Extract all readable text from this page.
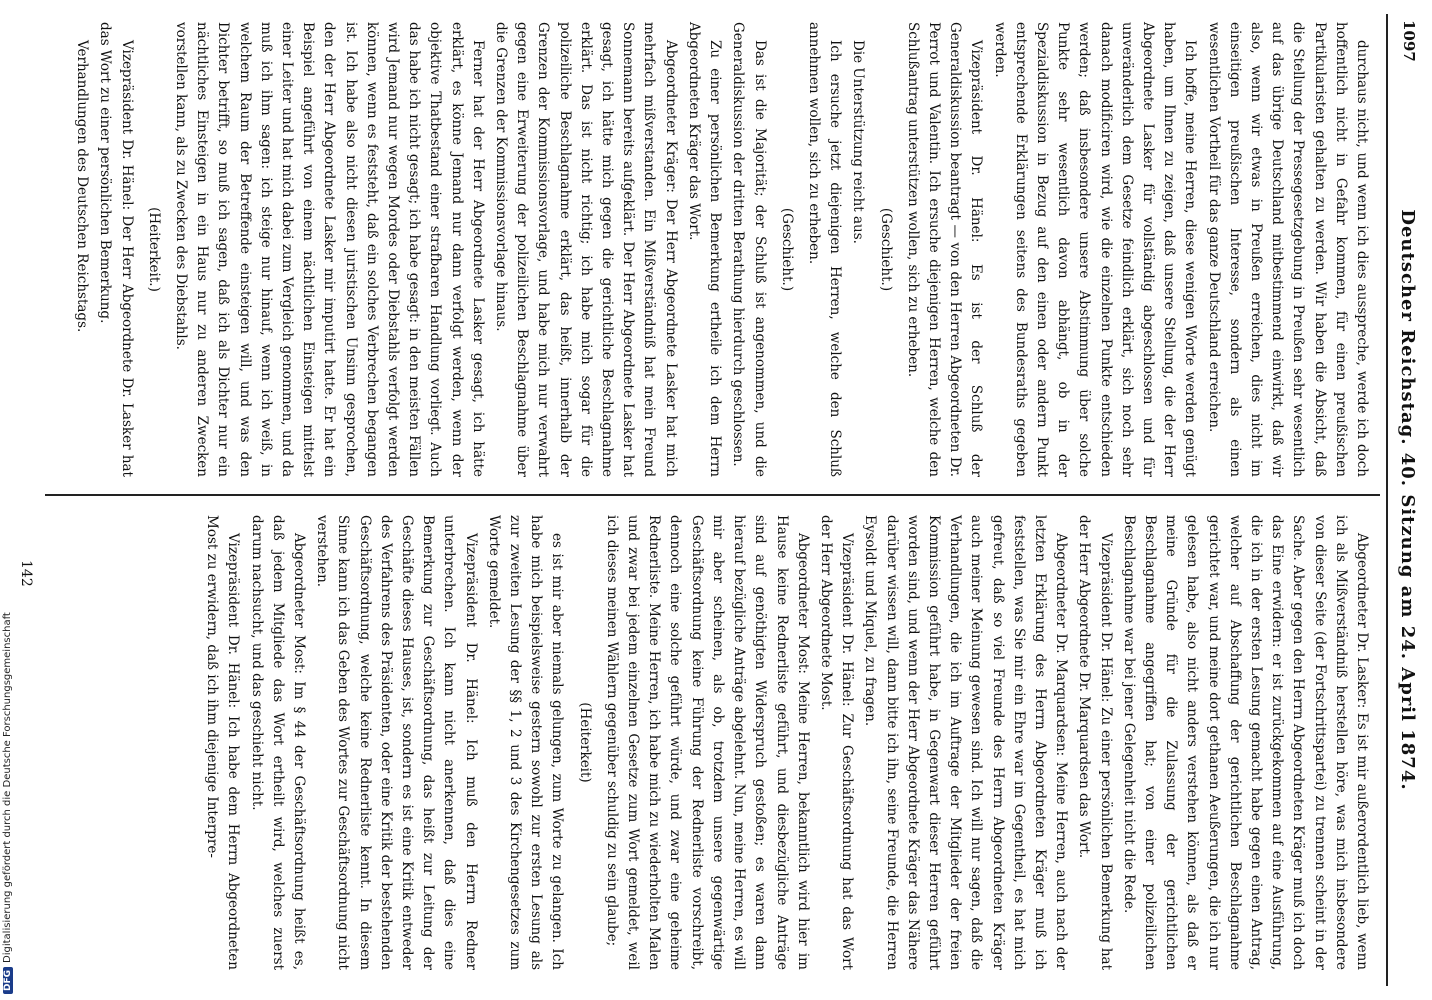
DFGDigitalisierung gefördert durch die Deutsche Forschungsgemeinschaft
1097
Deutscher Reichstag. 40. Sitzung am 24. April 1874.

durchaus nicht, und wenn ich dies ausspreche, werde ich doch hoffentlich nicht in Gefahr kommen, für einen preußischen Partikularisten gehalten zu werden. Wir haben die Absicht, daß die Stellung der Pressegesetzgebung in Preußen sehr wesentlich auf das übrige Deutschland mitbestimmend einwirkt, daß wir also, wenn wir etwas in Preußen erreichen, dies nicht im einseitigen preußischen Interesse, sondern als einen wesentlichen Vortheil für das ganze Deutschland erreichen.

Ich hoffe, meine Herren, diese wenigen Worte werden genügt haben, um Ihnen zu zeigen, daß unsere Stellung, die der Herr Abgeordnete Lasker für vollständig abgeschlossen und für unveränderlich dem Gesetze feindlich erklärt, sich noch sehr danach modificiren wird, wie die einzelnen Punkte entschieden werden; daß insbesondere unsere Abstimmung über solche Punkte sehr wesentlich davon abhängt, ob in der Spezialdiskussion in Bezug auf den einen oder andern Punkt entsprechende Erklärungen seitens des Bundesraths gegeben werden.

Vizepräsident Dr. Hänel: Es ist der Schluß der Generaldiskussion beantragt — von den Herren Abgeordneten Dr. Perrot und Valentin. Ich ersuche diejenigen Herren, welche den Schlußantrag unterstützen wollen, sich zu erheben.

(Geschieht.)

Die Unterstützung reicht aus.

Ich ersuche jetzt diejenigen Herren, welche den Schluß annehmen wollen, sich zu erheben.

(Geschieht.)

Das ist die Majorität; der Schluß ist angenommen, und die Generaldiskussion der dritten Berathung hierdurch geschlossen.

Zu einer persönlichen Bemerkung ertheile ich dem Herrn Abgeordneten Kräger das Wort.

Abgeordneter Kräger: Der Herr Abgeordnete Lasker hat mich mehrfach mißverstanden. Ein Mißverständniß hat mein Freund Sonnemann bereits aufgeklärt. Der Herr Abgeordnete Lasker hat gesagt, ich hätte mich gegen die gerichtliche Beschlagnahme erklärt. Das ist nicht richtig; ich habe mich sogar für die polizeiliche Beschlagnahme erklärt, das heißt, innerhalb der Grenzen der Kommissionsvorlage, und habe mich nur verwahrt gegen eine Erweiterung der polizeilichen Beschlagnahme über die Grenzen der Kommissionsvorlage hinaus.

Ferner hat der Herr Abgeordnete Lasker gesagt, ich hätte erklärt, es könne Jemand nur dann verfolgt werden, wenn der objektive Thatbestand einer strafbaren Handlung vorliegt. Auch das habe ich nicht gesagt; ich habe gesagt: in den meisten Fällen wird Jemand nur wegen Mordes oder Diebstahls verfolgt werden können, wenn es feststeht, daß ein solches Verbrechen begangen ist. Ich habe also nicht diesen juristischen Unsinn gesprochen, den der Herr Abgeordnete Lasker mir imputirt hatte. Er hat ein Beispiel angeführt von einem nächtlichen Einsteigen mittelst einer Leiter und hat mich dabei zum Vergleich genommen, und da muß ich ihm sagen: ich steige nur hinauf, wenn ich weiß, in welchem Raum der Betreffende einsteigen will, und was den Dichter betrifft, so muß ich sagen, daß ich als Dichter nur ein nächtliches Einsteigen in ein Haus nur zu anderen Zwecken vorstellen kann, als zu Zwecken des Diebstahls.

(Heiterkeit.)

Vizepräsident Dr. Hänel: Der Herr Abgeordnete Dr. Lasker hat das Wort zu einer persönlichen Bemerkung.

Verhandlungen des Deutschen Reichstags.

Abgeordneter Dr. Lasker: Es ist mir außerordentlich lieb, wenn ich als Mißverständniß herstellen höre, was mich insbesondere von dieser Seite (der Fortschrittspartei) zu trennen scheint in der Sache. Aber gegen den Herrn Abgeordneten Kräger muß ich doch das Eine erwidern: er ist zurückgekommen auf eine Ausführung, die ich in der ersten Lesung gemacht habe gegen einen Antrag, welcher auf Abschaffung der gerichtlichen Beschlagnahme gerichtet war, und meine dort gethanen Aeußerungen, die ich nur gelesen habe, also nicht anders verstehen können, als daß er meine Gründe für die Zulassung der gerichtlichen Beschlagnahme angegriffen hat; von einer polizeilichen Beschlagnahme war bei jener Gelegenheit nicht die Rede.

Vizepräsident Dr. Hänel: Zu einer persönlichen Bemerkung hat der Herr Abgeordnete Dr. Marquardsen das Wort.

Abgeordneter Dr. Marquardsen: Meine Herren, auch nach der letzten Erklärung des Herrn Abgeordneten Kräger muß ich feststellen, was Sie mir ein Ehre war im Gegentheil, es hat mich gefreut, daß so viel Freunde des Herrn Abgeordneten Kräger auch meiner Meinung gewesen sind. Ich will nur sagen, daß die Verhandlungen, die ich im Auftrage der Mitglieder der freien Kommission geführt habe, in Gegenwart dieser Herren geführt worden sind, und wenn der Herr Abgeordnete Kräger das Nähere darüber wissen will, dann bitte ich ihn, seine Freunde, die Herren Eysoldt und Miquel, zu fragen.

Vizepräsident Dr. Hänel: Zur Geschäftsordnung hat das Wort der Herr Abgeordnete Most.

Abgeordneter Most: Meine Herren, bekanntlich wird hier im Hause keine Rednerliste geführt, und diesbezügliche Anträge sind auf genöthigten Widerspruch gestoßen; es waren dann hierauf bezügliche Anträge abgelehnt. Nun, meine Herren, es will mir aber scheinen, als ob, trotzdem unsere gegenwärtige Geschäftsordnung keine Führung der Rednerliste vorschreibt, dennoch eine solche geführt würde, und zwar eine geheime Rednerliste. Meine Herren, ich habe mich zu wiederholten Malen und zwar bei jedem einzelnen Gesetze zum Wort gemeldet, weil ich dieses meinen Wählern gegenüber schuldig zu sein glaube;

(Heiterkeit)

es ist mir aber niemals gelungen, zum Worte zu gelangen. Ich habe mich beispielsweise gestern sowohl zur ersten Lesung als zur zweiten Lesung der §§ 1, 2 und 3 des Kirchengesetzes zum Worte gemeldet.

Vizepräsident Dr. Hänel: Ich muß den Herrn Redner unterbrechen. Ich kann nicht anerkennen, daß dies eine Bemerkung zur Geschäftsordnung, das heißt zur Leitung der Geschäfte dieses Hauses, ist, sondern es ist eine Kritik entweder des Verfahrens des Präsidenten, oder eine Kritik der bestehenden Geschäftsordnung, welche keine Rednerliste kennt. In diesem Sinne kann ich das Geben des Wortes zur Geschäftsordnung nicht verstehen.

Abgeordneter Most: Im § 44 der Geschäftsordnung heißt es, daß jedem Mitgliede das Wort ertheilt wird, welches zuerst darum nachsucht, und das geschieht nicht.

Vizepräsident Dr. Hänel: Ich habe dem Herrn Abgeordneten Most zu erwidern, daß ich ihm diejenige Interpre-

142
